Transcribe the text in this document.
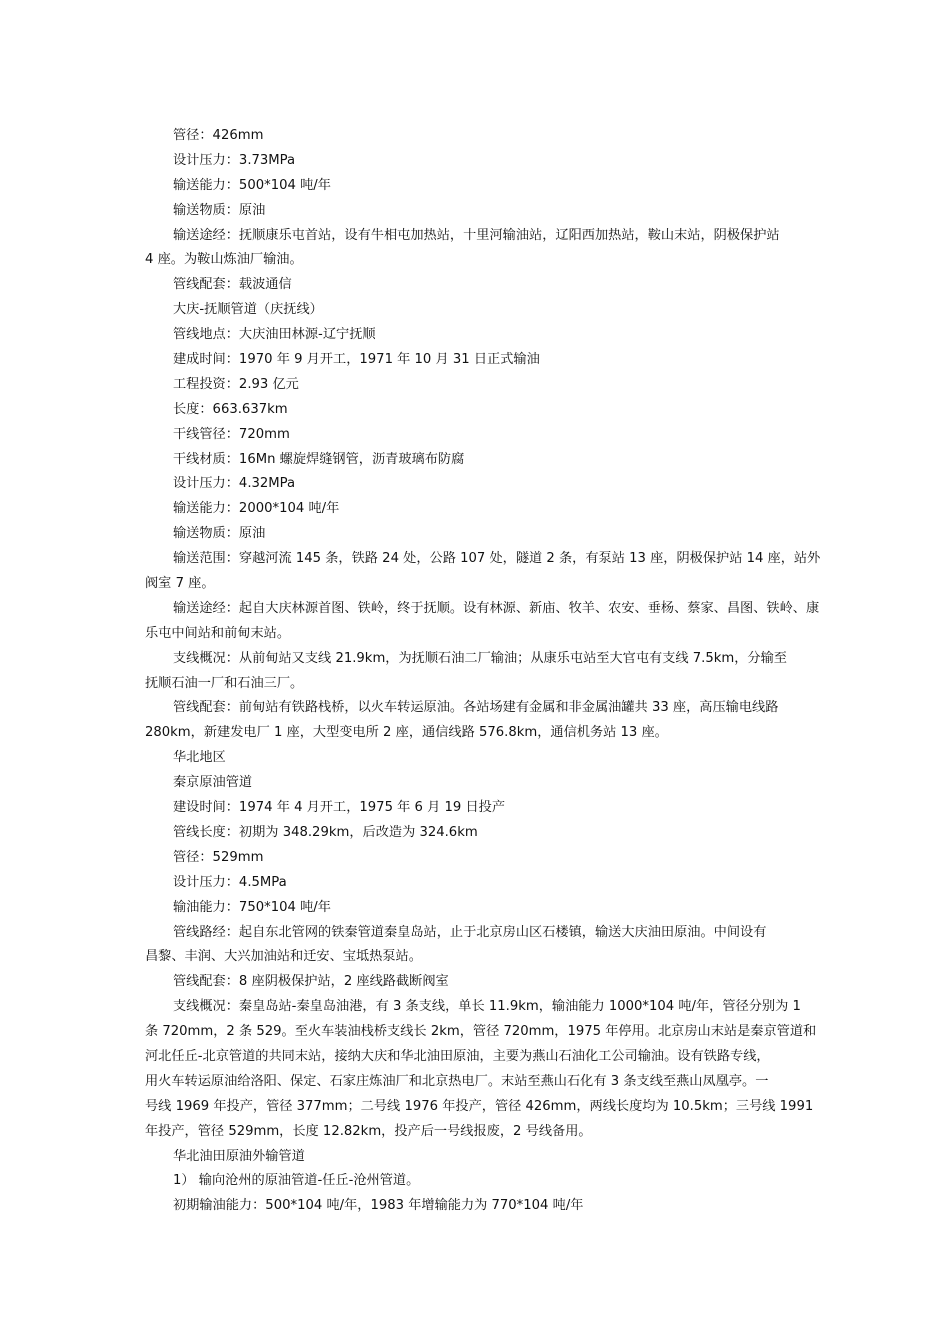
管径：426mm
设计压力：3.73MPa
输送能力：500*104 吨/年
输送物质：原油
输送途经：抚顺康乐屯首站，设有牛相屯加热站，十里河输油站，辽阳西加热站，鞍山末站，阴极保护站
4 座。为鞍山炼油厂输油。
管线配套：载波通信
大庆-抚顺管道（庆抚线）
管线地点：大庆油田林源-辽宁抚顺
建成时间：1970 年 9 月开工，1971 年 10 月 31 日正式输油
工程投资：2.93 亿元
长度：663.637km
干线管径：720mm
干线材质：16Mn 螺旋焊缝钢管，沥青玻璃布防腐
设计压力：4.32MPa
输送能力：2000*104 吨/年
输送物质：原油
输送范围：穿越河流 145 条，铁路 24 处，公路 107 处，隧道 2 条，有泵站 13 座，阴极保护站 14 座，站外
阀室 7 座。
输送途经：起自大庆林源首图、铁岭，终于抚顺。设有林源、新庙、牧羊、农安、垂杨、蔡家、昌图、铁岭、康
乐屯中间站和前甸末站。
支线概况：从前甸站又支线 21.9km，为抚顺石油二厂输油；从康乐屯站至大官屯有支线 7.5km，分输至
抚顺石油一厂和石油三厂。
管线配套：前甸站有铁路栈桥，以火车转运原油。各站场建有金属和非金属油罐共 33 座，高压输电线路
280km，新建发电厂 1 座，大型变电所 2 座，通信线路 576.8km，通信机务站 13 座。
华北地区
秦京原油管道
建设时间：1974 年 4 月开工，1975 年 6 月 19 日投产
管线长度：初期为 348.29km，后改造为 324.6km
管径：529mm
设计压力：4.5MPa
输油能力：750*104 吨/年
管线路经：起自东北管网的铁秦管道秦皇岛站，止于北京房山区石楼镇，输送大庆油田原油。中间设有
昌黎、丰润、大兴加油站和迁安、宝坻热泵站。
管线配套：8 座阴极保护站，2 座线路截断阀室
支线概况：秦皇岛站-秦皇岛油港，有 3 条支线，单长 11.9km，输油能力 1000*104 吨/年，管径分别为 1
条 720mm，2 条 529。至火车装油栈桥支线长 2km，管径 720mm，1975 年停用。北京房山末站是秦京管道和
河北任丘-北京管道的共同末站，接纳大庆和华北油田原油，主要为燕山石油化工公司输油。设有铁路专线，
用火车转运原油给洛阳、保定、石家庄炼油厂和北京热电厂。末站至燕山石化有 3 条支线至燕山凤凰亭。一
号线 1969 年投产，管径 377mm；二号线 1976 年投产，管径 426mm，两线长度均为 10.5km；三号线 1991
年投产，管径 529mm，长度 12.82km，投产后一号线报废，2 号线备用。
华北油田原油外输管道
1） 输向沧州的原油管道-任丘-沧州管道。
初期输油能力：500*104 吨/年，1983 年增输能力为 770*104 吨/年
